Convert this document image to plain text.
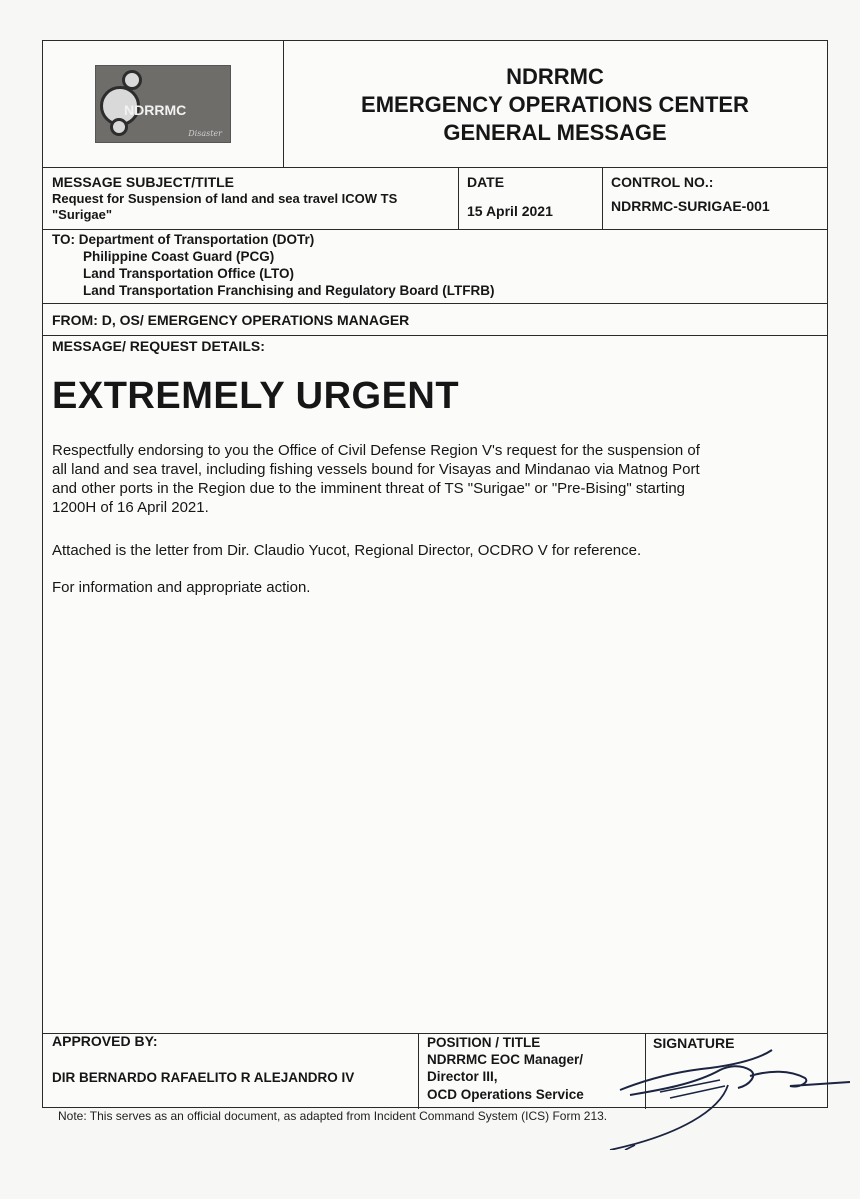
NDRRMC
Disaster
NDRRMC
EMERGENCY OPERATIONS CENTER
GENERAL MESSAGE
MESSAGE SUBJECT/TITLE
Request for Suspension of land and sea travel ICOW TS "Surigae"
DATE
15 April 2021
CONTROL NO.:
NDRRMC-SURIGAE-001
TO: Department of Transportation (DOTr)
Philippine Coast Guard (PCG)
Land Transportation Office (LTO)
Land Transportation Franchising and Regulatory Board (LTFRB)
FROM: D, OS/ EMERGENCY OPERATIONS MANAGER
MESSAGE/ REQUEST DETAILS:
EXTREMELY URGENT
Respectfully endorsing to you the Office of Civil Defense Region V's request for the suspension of
all land and sea travel, including fishing vessels bound for Visayas and Mindanao via Matnog Port
and other ports in the Region due to the imminent threat of TS "Surigae" or "Pre-Bising" starting
1200H of 16 April 2021.
Attached is the letter from Dir. Claudio Yucot, Regional Director, OCDRO V for reference.
For information and appropriate action.
APPROVED BY:
DIR BERNARDO RAFAELITO R ALEJANDRO IV
POSITION / TITLE
NDRRMC EOC Manager/
Director III,
OCD Operations Service
SIGNATURE
Note: This serves as an official document, as adapted from Incident Command System (ICS) Form 213.
